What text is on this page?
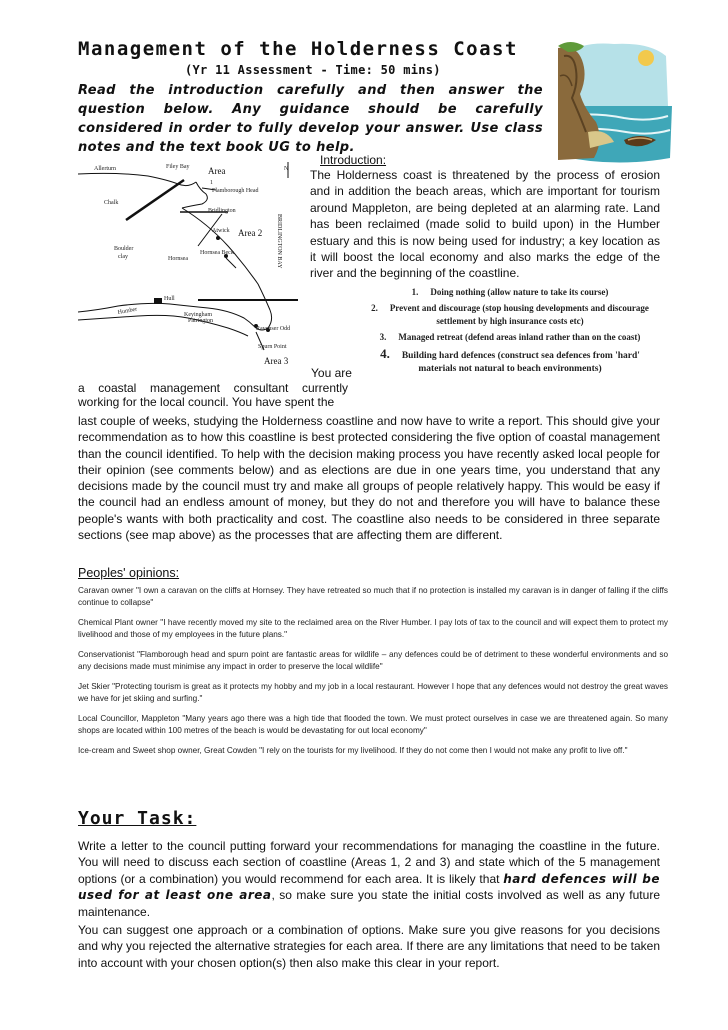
Management of the Holderness Coast
(Yr 11 Assessment - Time: 50 mins)
Read the introduction carefully and then answer the question below. Any guidance should be carefully considered in order to fully develop your answer. Use class notes and the text book UG to help.
Allerturn	Filey Bay Area
1
Flamborough Head
Chalk
Bridlington
Atwick Area 2
Boulder
clay	Hornsea
Hornsea Beck
Hull
Humber	Keyingham
Patrington
Ravenser Odd
Spurn Point
Area 3
BRIDLINGTON BAY
N
Introduction:
The Holderness coast is threatened by the process of erosion and in addition the beach areas, which are important for tourism around Mappleton, are being depleted at an alarming rate. Land has been reclaimed (made solid to build upon) in the Humber estuary and this is now being used for industry; a key location as it will boost the local economy and also marks the edge of the river and the beginning of the coastline.
1. Doing nothing (allow nature to take its course)
2. Prevent and discourage (stop housing developments and discourage settlement by high insurance costs etc)
3. Managed retreat (defend areas inland rather than on the coast)
4. Building hard defences (construct sea defences from 'hard' materials not natural to beach environments)
You are
a coastal management consultant currently working for the local council. You have spent the
last couple of weeks, studying the Holderness coastline and now have to write a report. This should give your recommendation as to how this coastline is best protected considering the five option of coastal management than the council identified. To help with the decision making process you have recently asked local people for their opinion (see comments below) and as elections are due in one years time, you understand that any decisions made by the council must try and make all groups of people relatively happy. This would be easy if the council had an endless amount of money, but they do not and therefore you will have to balance these people's wants with both practicality and cost. The coastline also needs to be considered in three separate sections (see map above) as the processes that are affecting them are different.
Peoples' opinions:
Caravan owner "I own a caravan on the cliffs at Hornsey. They have retreated so much that if no protection is installed my caravan is in danger of falling if the cliffs continue to collapse"
Chemical Plant owner "I have recently moved my site to the reclaimed area on the River Humber. I pay lots of tax to the council and will expect them to protect my livelihood and those of my employees in the future plans."
Conservationist "Flamborough head and spurn point are fantastic areas for wildlife – any defences could be of detriment to these wonderful environments and so any decisions made must minimise any impact in order to preserve the local wildlife"
Jet Skier "Protecting tourism is great as it protects my hobby and my job in a local restaurant. However I hope that any defences would not destroy the great waves we have for jet skiing and surfing."
Local Councillor, Mappleton "Many years ago there was a high tide that flooded the town. We must protect ourselves in case we are threatened again. So many shops are located within 100 metres of the beach is would be devastating for out local economy"
Ice-cream and Sweet shop owner, Great Cowden "I rely on the tourists for my livelihood. If they do not come then I would not make any profit to live off."
Your Task:
Write a letter to the council putting forward your recommendations for managing the coastline in the future. You will need to discuss each section of coastline (Areas 1, 2 and 3) and state which of the 5 management options (or a combination) you would recommend for each area. It is likely that hard defences will be used for at least one area, so make sure you state the initial costs involved as well as any future maintenance.
You can suggest one approach or a combination of options. Make sure you give reasons for you decisions and why you rejected the alternative strategies for each area. If there are any limitations that need to be taken into account with your chosen option(s) then also make this clear in your report.
